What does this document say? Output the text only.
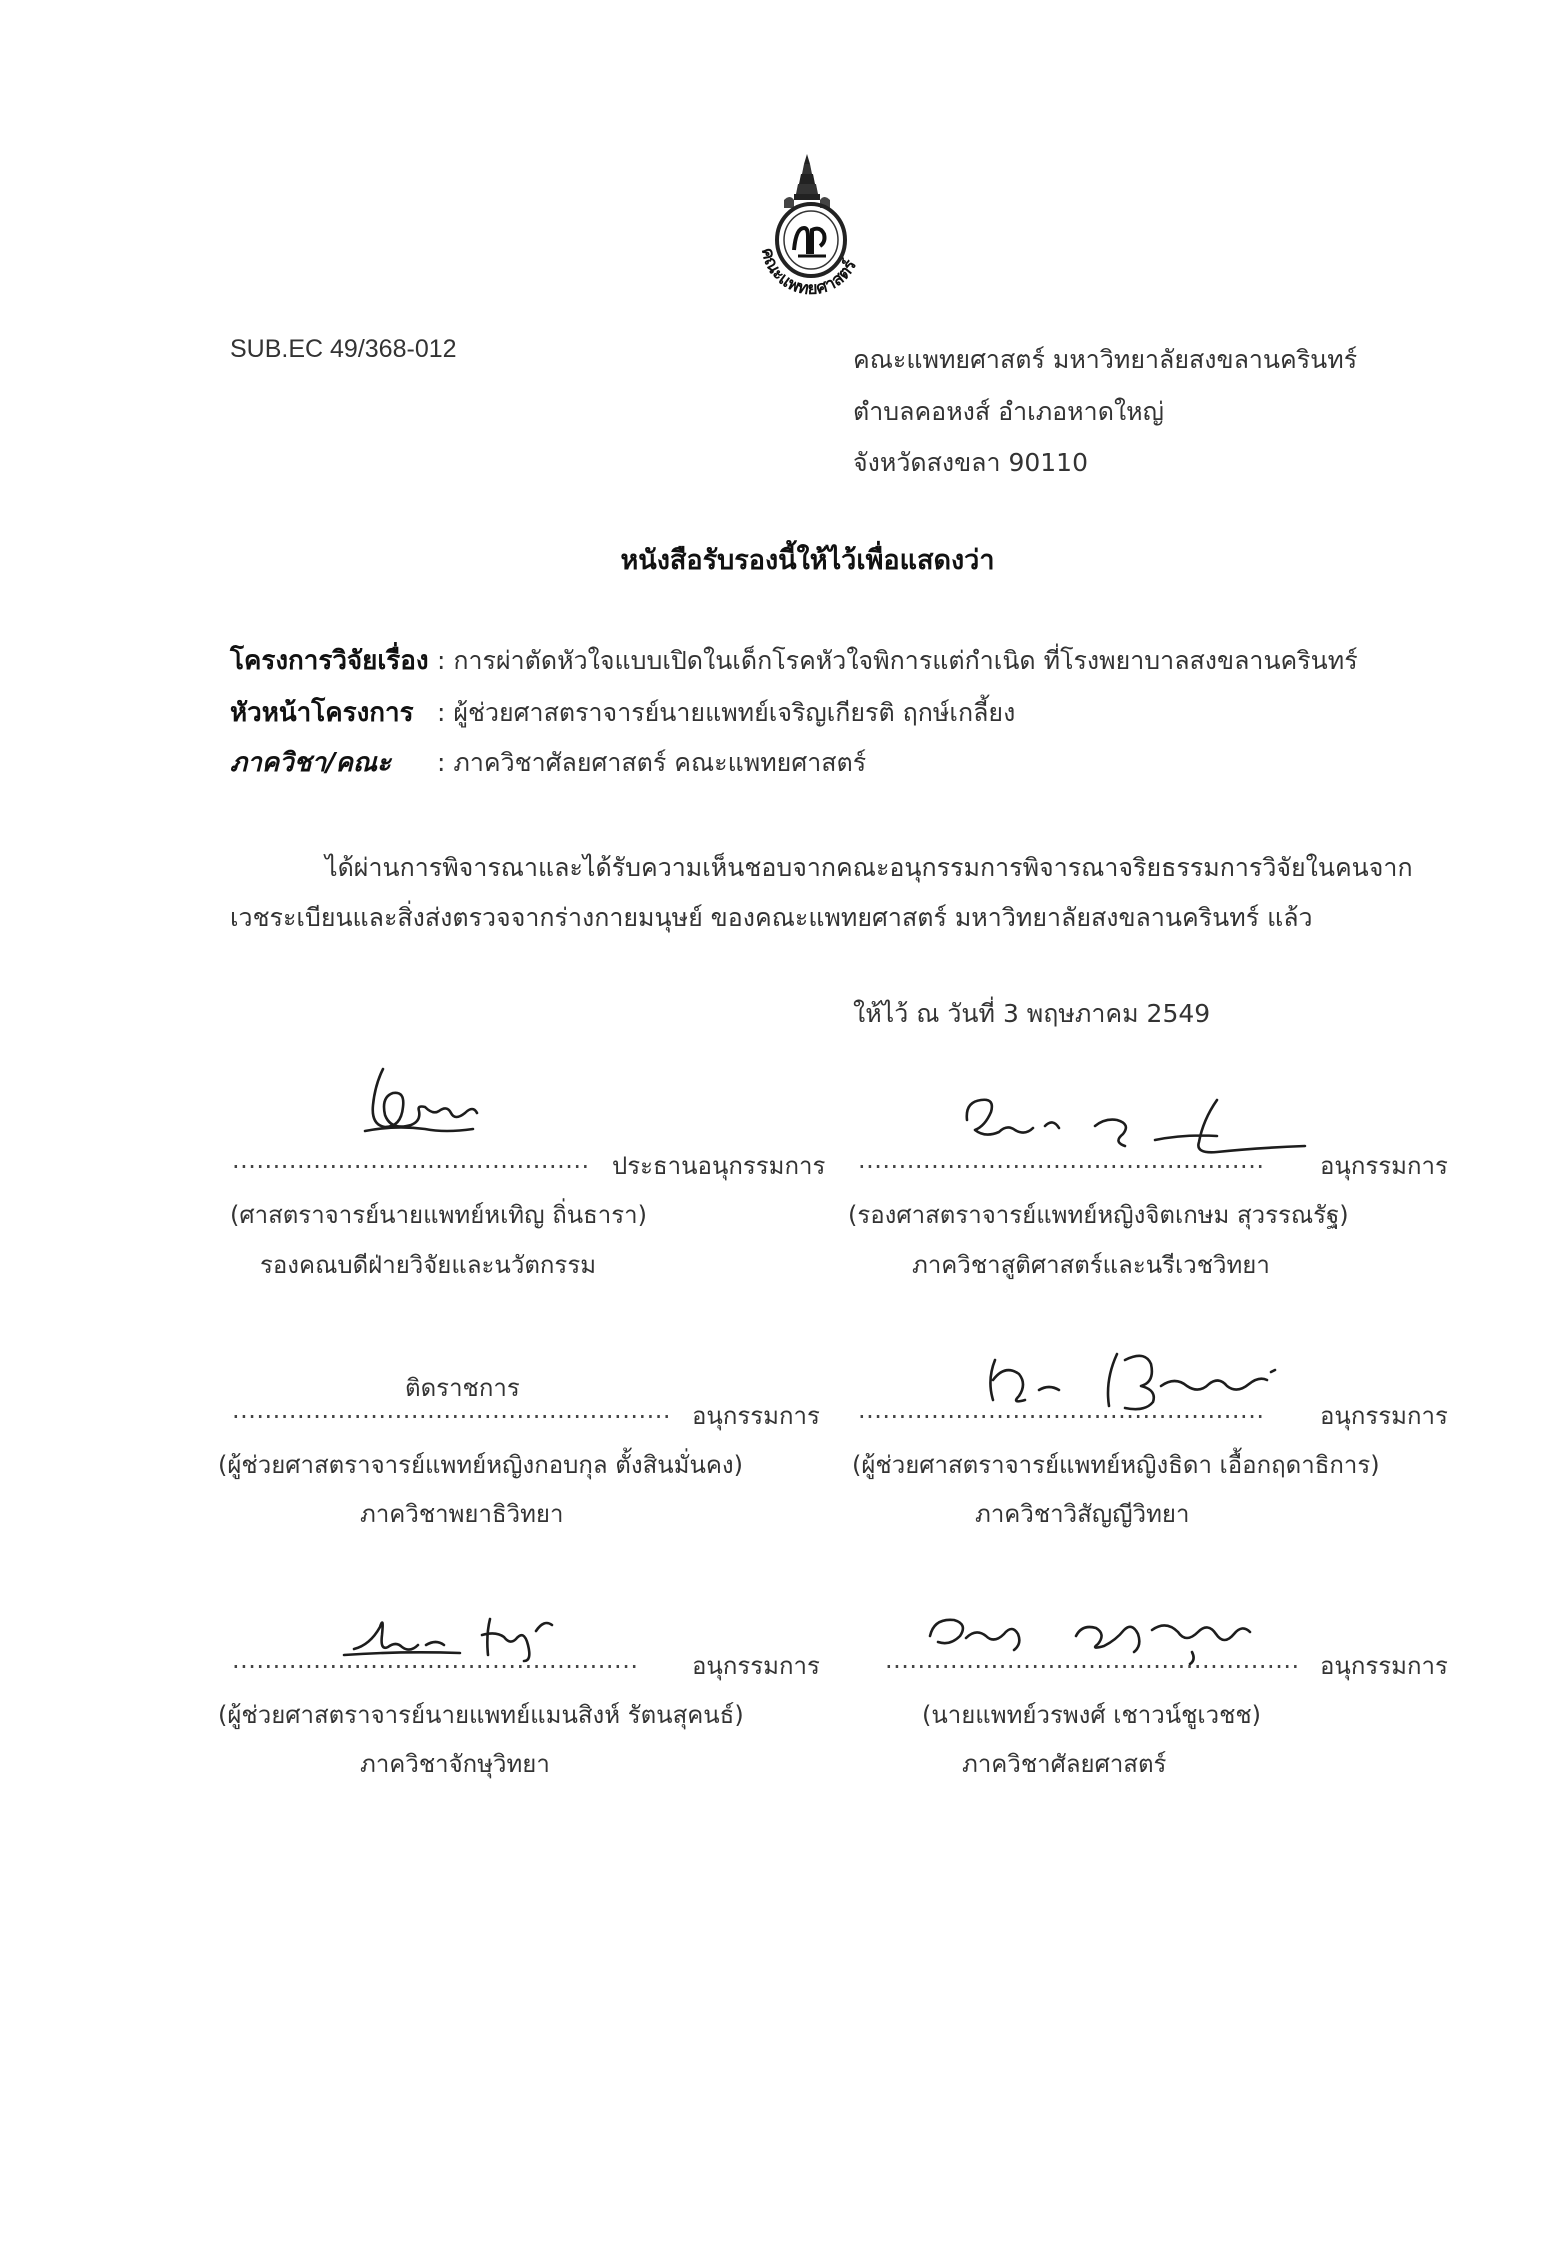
คณะแพทยศาสตร์
SUB.EC 49/368-012	คณะแพทยศาสตร์ มหาวิทยาลัยสงขลานครินทร์
ตำบลคอหงส์ อำเภอหาดใหญ่
จังหวัดสงขลา 90110
หนังสือรับรองนี้ให้ไว้เพื่อแสดงว่า
โครงการวิจัยเรื่อง : การผ่าตัดหัวใจแบบเปิดในเด็กโรคหัวใจพิการแต่กำเนิด ที่โรงพยาบาลสงขลานครินทร์
หัวหน้าโครงการ : ผู้ช่วยศาสตราจารย์นายแพทย์เจริญเกียรติ ฤกษ์เกลี้ยง
ภาควิชา/คณะ : ภาควิชาศัลยศาสตร์ คณะแพทยศาสตร์
ได้ผ่านการพิจารณาและได้รับความเห็นชอบจากคณะอนุกรรมการพิจารณาจริยธรรมการวิจัยในคนจาก
เวชระเบียนและสิ่งส่งตรวจจากร่างกายมนุษย์ ของคณะแพทยศาสตร์ มหาวิทยาลัยสงขลานครินทร์ แล้ว
ให้ไว้ ณ วันที่ 3 พฤษภาคม 2549
............................................ ประธานอนุกรรมการ
(ศาสตราจารย์นายแพทย์หเทิญ ถิ่นธารา)
รองคณบดีฝ่ายวิจัยและนวัตกรรม
.................................................. อนุกรรมการ
(รองศาสตราจารย์แพทย์หญิงจิตเกษม สุวรรณรัฐ)
ภาควิชาสูติศาสตร์และนรีเวชวิทยา
ติดราชการ
...................................................... อนุกรรมการ
(ผู้ช่วยศาสตราจารย์แพทย์หญิงกอบกุล ตั้งสินมั่นคง)
ภาควิชาพยาธิวิทยา
.................................................. อนุกรรมการ
(ผู้ช่วยศาสตราจารย์แพทย์หญิงธิดา เอื้อกฤดาธิการ)
ภาควิชาวิสัญญีวิทยา
.................................................. อนุกรรมการ
(ผู้ช่วยศาสตราจารย์นายแพทย์แมนสิงห์ รัตนสุคนธ์)
ภาควิชาจักษุวิทยา
................................................... อนุกรรมการ
(นายแพทย์วรพงศ์ เชาวน์ชูเวชช)
ภาควิชาศัลยศาสตร์
